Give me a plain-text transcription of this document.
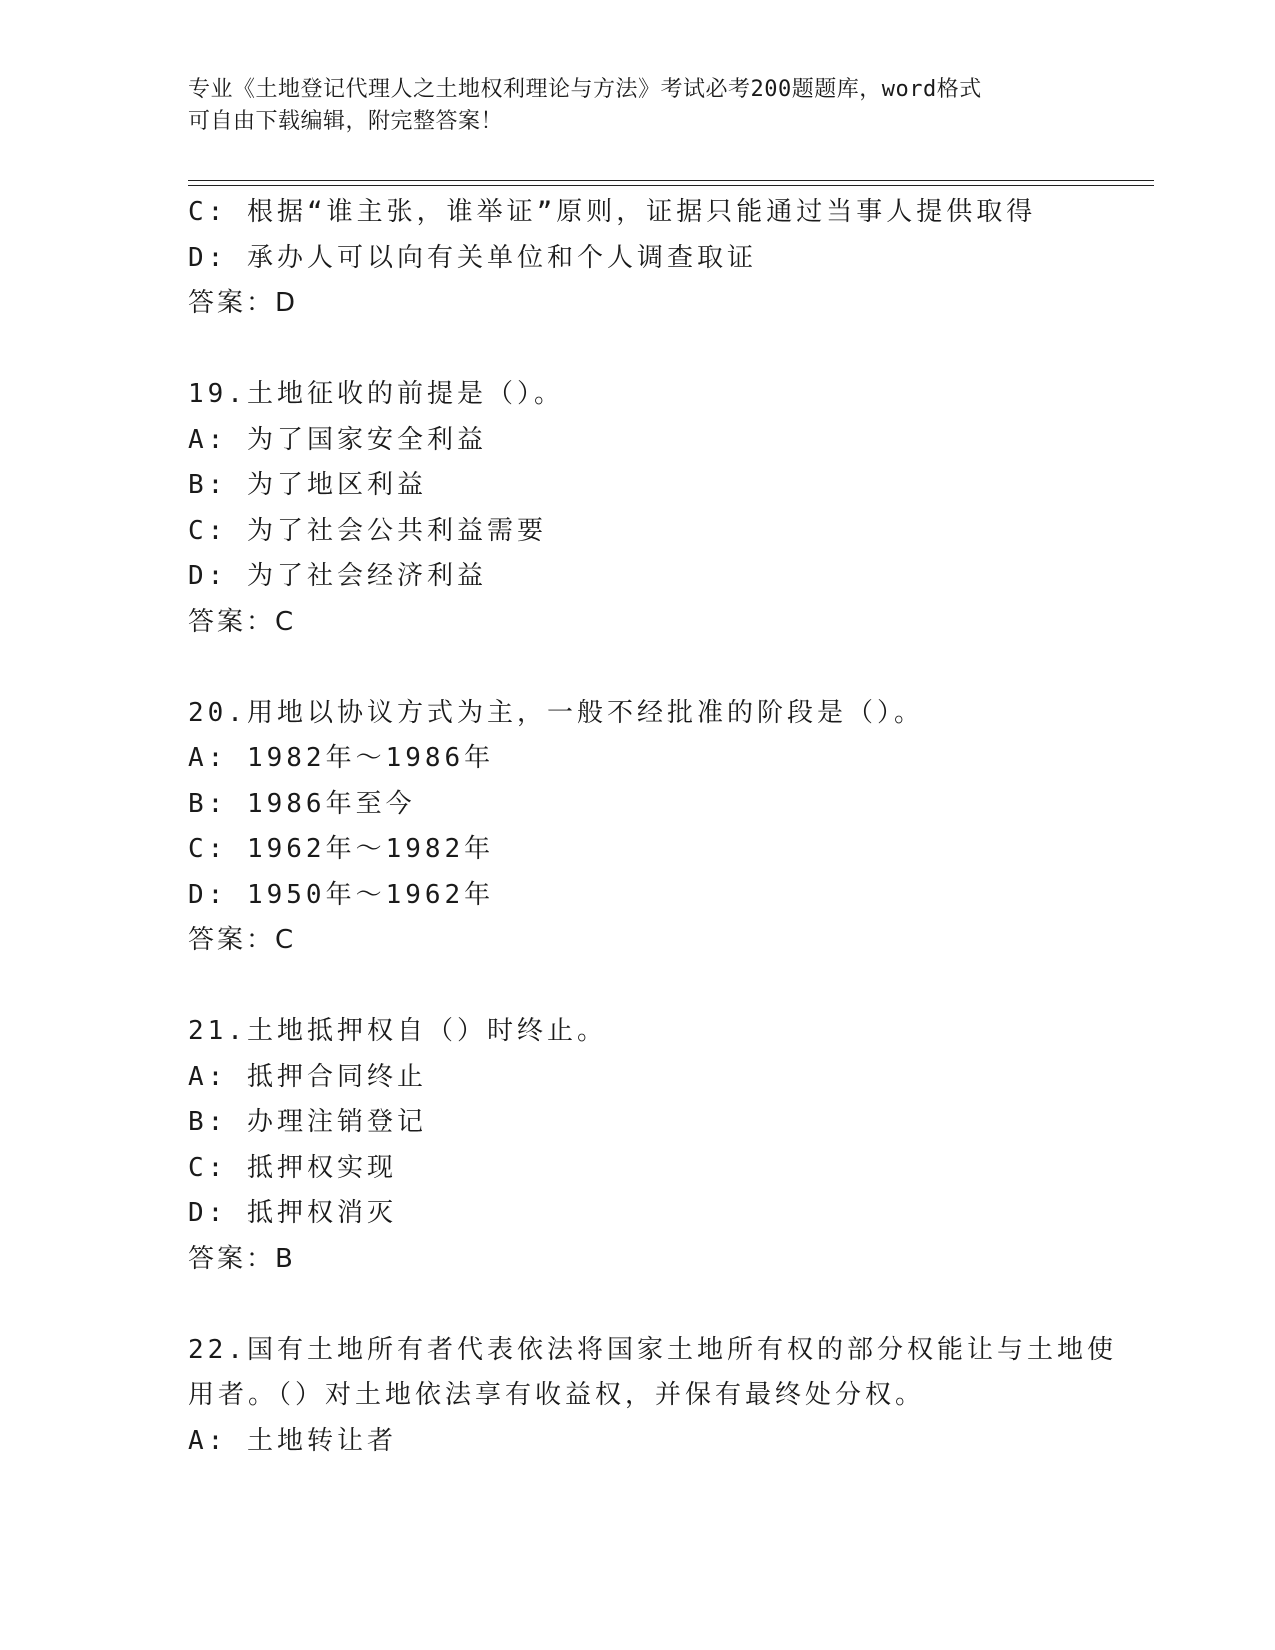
专业《土地登记代理人之土地权利理论与方法》考试必考200题题库，word格式
可自由下载编辑，附完整答案！
C: 根据“谁主张，谁举证”原则，证据只能通过当事人提供取得
D: 承办人可以向有关单位和个人调查取证
答案：D
19.土地征收的前提是（）。
A: 为了国家安全利益
B: 为了地区利益
C: 为了社会公共利益需要
D: 为了社会经济利益
答案：C
20.用地以协议方式为主，一般不经批准的阶段是（）。
A: 1982年～1986年
B: 1986年至今
C: 1962年～1982年
D: 1950年～1962年
答案：C
21.土地抵押权自（）时终止。
A: 抵押合同终止
B: 办理注销登记
C: 抵押权实现
D: 抵押权消灭
答案：B
22.国有土地所有者代表依法将国家土地所有权的部分权能让与土地使
用者。（）对土地依法享有收益权，并保有最终处分权。
A: 土地转让者
